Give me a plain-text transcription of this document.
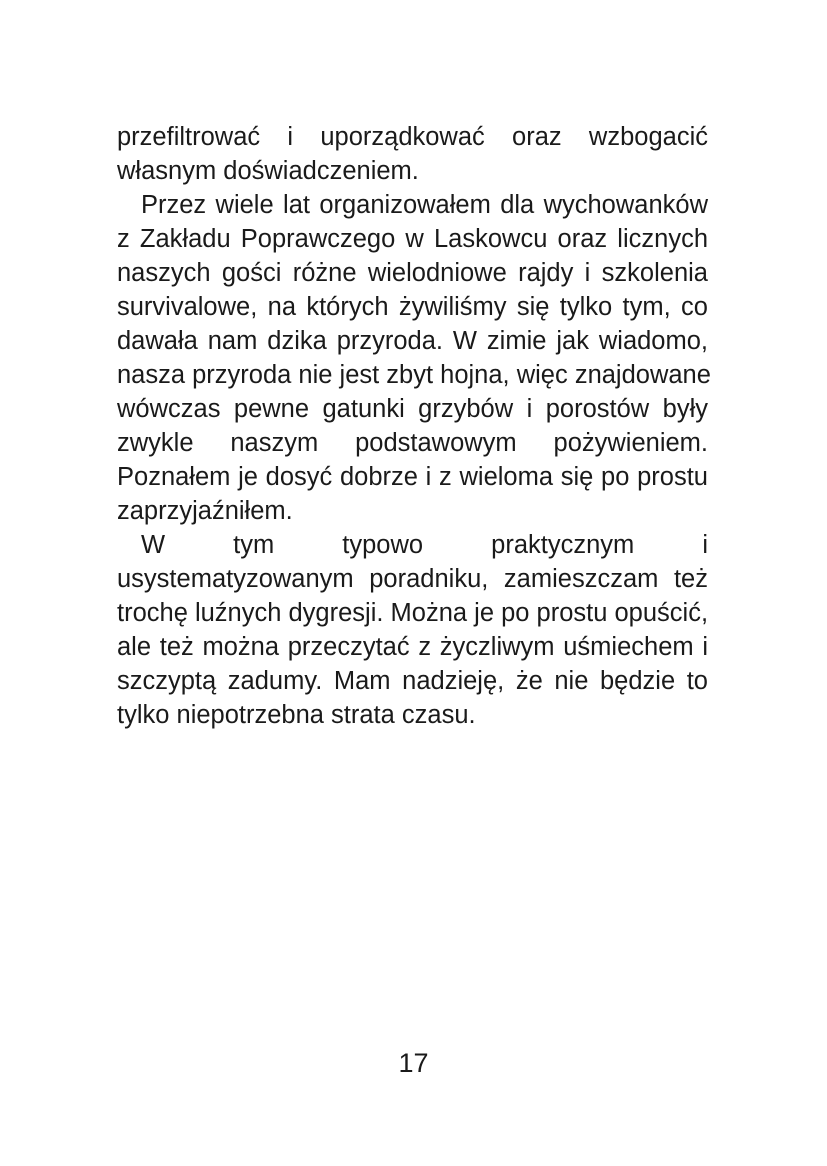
przefiltrować i uporządkować oraz wzbogacić
własnym doświadczeniem.
Przez wiele lat organizowałem dla wychowanków
z Zakładu Poprawczego w Laskowcu oraz licznych
naszych gości różne wielodniowe rajdy i szkolenia
survivalowe, na których żywiliśmy się tylko tym, co
dawała nam dzika przyroda. W zimie jak wiadomo,
nasza przyroda nie jest zbyt hojna, więc znajdowane
wówczas pewne gatunki grzybów i porostów były
zwykle naszym podstawowym pożywieniem.
Poznałem je dosyć dobrze i z wieloma się po prostu
zaprzyjaźniłem.
W tym typowo praktycznym i
usystematyzowanym poradniku, zamieszczam też
trochę luźnych dygresji. Można je po prostu opuścić,
ale też można przeczytać z życzliwym uśmiechem i
szczyptą zadumy. Mam nadzieję, że nie będzie to
tylko niepotrzebna strata czasu.
17
